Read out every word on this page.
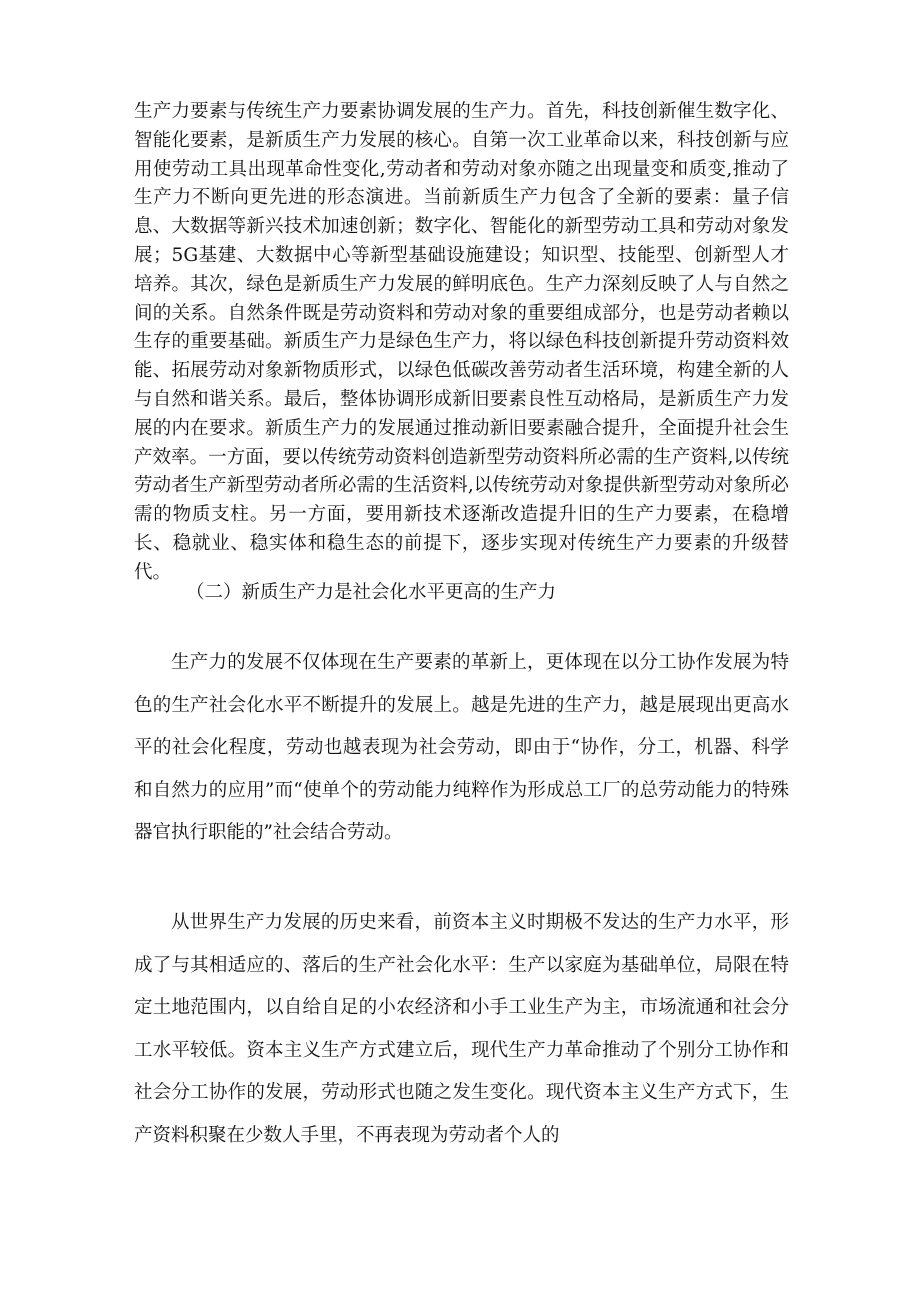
生产力要素与传统生产力要素协调发展的生产力。首先，科技创新催生数字化、智能化要素，是新质生产力发展的核心。自第一次工业革命以来，科技创新与应用使劳动工具出现革命性变化,劳动者和劳动对象亦随之出现量变和质变,推动了生产力不断向更先进的形态演进。当前新质生产力包含了全新的要素：量子信息、大数据等新兴技术加速创新；数字化、智能化的新型劳动工具和劳动对象发展；5G基建、大数据中心等新型基础设施建设；知识型、技能型、创新型人才培养。其次，绿色是新质生产力发展的鲜明底色。生产力深刻反映了人与自然之间的关系。自然条件既是劳动资料和劳动对象的重要组成部分，也是劳动者赖以生存的重要基础。新质生产力是绿色生产力，将以绿色科技创新提升劳动资料效能、拓展劳动对象新物质形式，以绿色低碳改善劳动者生活环境，构建全新的人与自然和谐关系。最后，整体协调形成新旧要素良性互动格局，是新质生产力发展的内在要求。新质生产力的发展通过推动新旧要素融合提升，全面提升社会生产效率。一方面，要以传统劳动资料创造新型劳动资料所必需的生产资料,以传统劳动者生产新型劳动者所必需的生活资料,以传统劳动对象提供新型劳动对象所必需的物质支柱。另一方面，要用新技术逐渐改造提升旧的生产力要素，在稳增长、稳就业、稳实体和稳生态的前提下，逐步实现对传统生产力要素的升级替代。

（二）新质生产力是社会化水平更高的生产力

生产力的发展不仅体现在生产要素的革新上，更体现在以分工协作发展为特色的生产社会化水平不断提升的发展上。越是先进的生产力，越是展现出更高水平的社会化程度，劳动也越表现为社会劳动，即由于“协作，分工，机器、科学和自然力的应用”而“使单个的劳动能力纯粹作为形成总工厂的总劳动能力的特殊器官执行职能的”社会结合劳动。

从世界生产力发展的历史来看，前资本主义时期极不发达的生产力水平，形成了与其相适应的、落后的生产社会化水平：生产以家庭为基础单位，局限在特定土地范围内，以自给自足的小农经济和小手工业生产为主，市场流通和社会分工水平较低。资本主义生产方式建立后，现代生产力革命推动了个别分工协作和社会分工协作的发展，劳动形式也随之发生变化。现代资本主义生产方式下，生产资料积聚在少数人手里，不再表现为劳动者个人的
